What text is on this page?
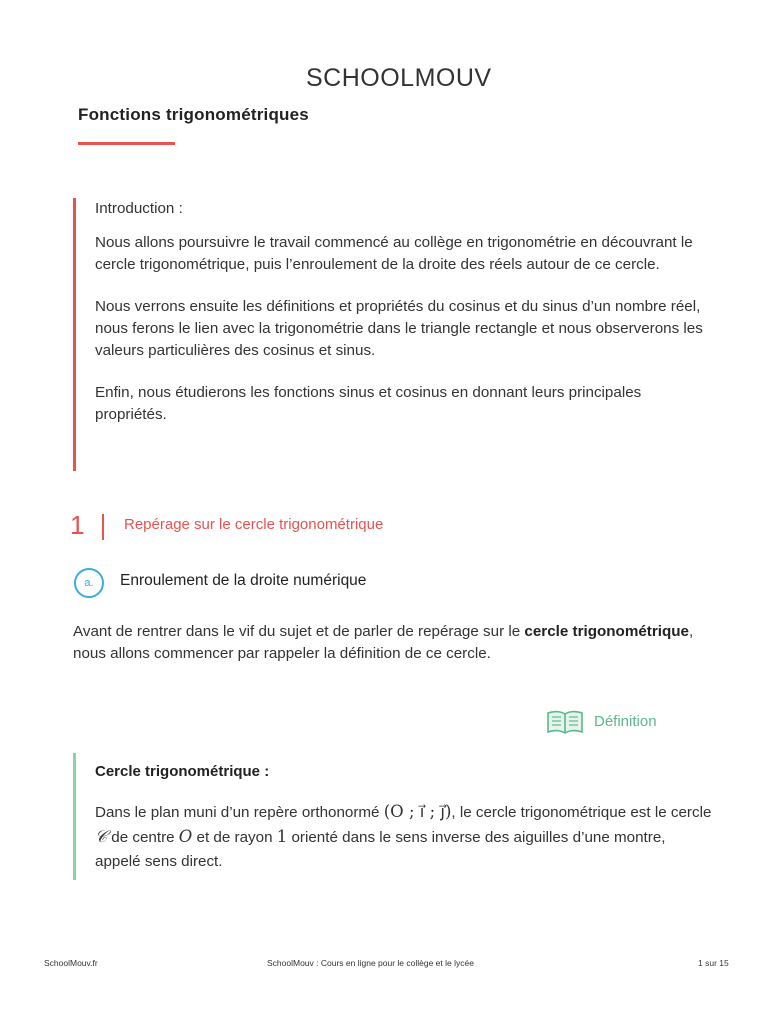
SCHOOLMOUV
Fonctions trigonométriques

Introduction :

Nous allons poursuivre le travail commencé au collège en trigonométrie en découvrant le cercle trigonométrique, puis l’enroulement de la droite des réels autour de ce cercle.

Nous verrons ensuite les définitions et propriétés du cosinus et du sinus d’un nombre réel, nous ferons le lien avec la trigonométrie dans le triangle rectangle et nous observerons les valeurs particulières des cosinus et sinus.

Enfin, nous étudierons les fonctions sinus et cosinus en donnant leurs principales propriétés.

1	Repérage sur le cercle trigonométrique
a.	Enroulement de la droite numérique
Avant de rentrer dans le vif du sujet et de parler de repérage sur le cercle trigonométrique, nous allons commencer par rappeler la définition de ce cercle.
Définition
Cercle trigonométrique :
Dans le plan muni d’un repère orthonormé (O ; i⃗ ; j⃗), le cercle trigonométrique est le cercle 𝒞 de centre O et de rayon 1 orienté dans le sens inverse des aiguilles d’une montre, appelé sens direct.
SchoolMouv.fr	SchoolMouv : Cours en ligne pour le collège et le lycée	1 sur 15
